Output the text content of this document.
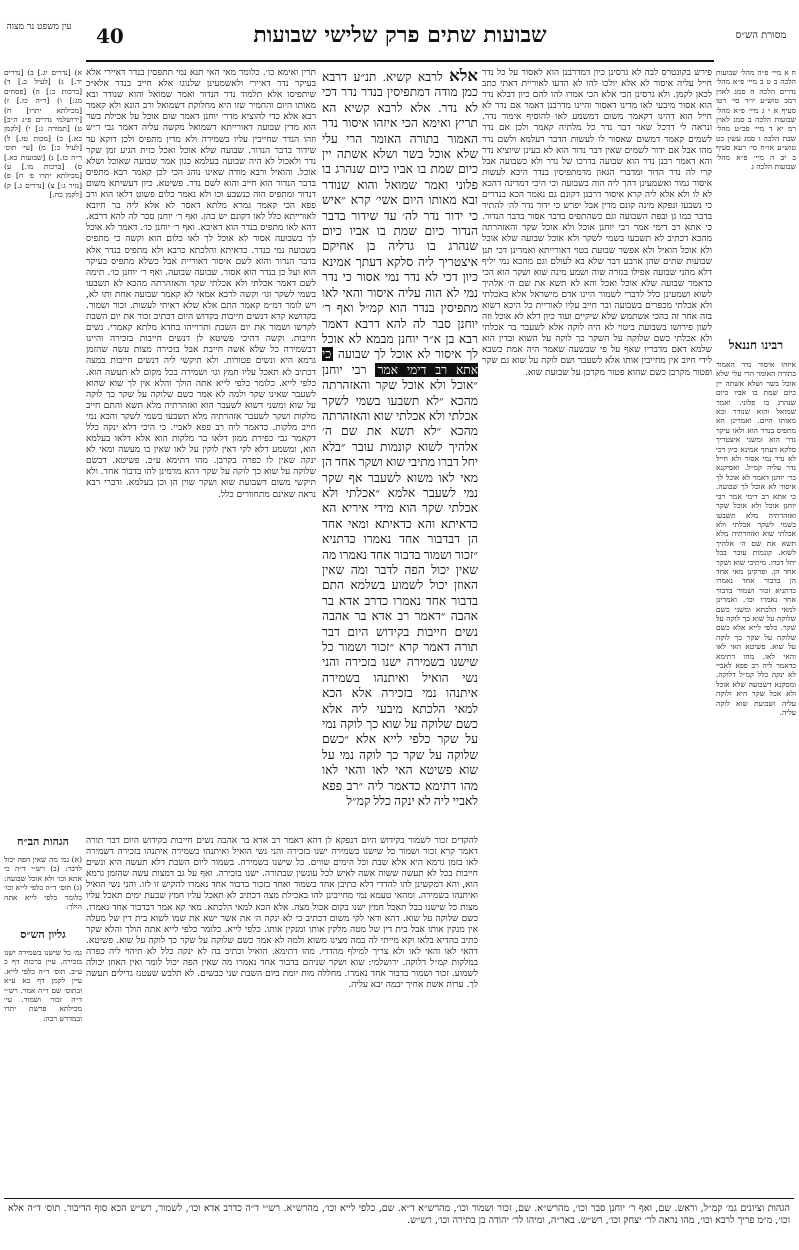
מסורת הש״ס
שבועות שתים פרק שלישי שבועות
40
עין משפט נר מצוה
ח א מיי׳ פ״ה מהל׳ שבועות הלכה ב ט ב מיי׳ פ״א מהל׳ נדרים הלכה ח סמג לאוין רמב טוש״ע יו״ד סי׳ רטו סעיף א י ג מיי׳ פ״א מהל׳ שבועות הלכה ב סמג לאוין רמ יא ד מיי׳ פכ״ט מהל׳ שבת הלכה ו סמג עשין כט טוש״ע או״ח סי׳ רעא סעיף ב יב ה מיי׳ פ״א מהל׳ שבועות הלכה ג
רבינו חננאל
איזהו איסור נדר האמור בתורה האומר הרי עלי שלא אוכל בשר ושלא אשתה יין כיום שמת בו אביו כיום שנהרג בו פלוני. ואמר שמואל והוא שנודר ובא מאותו היום. ואמרינן הא מתפיס בנדר הוא ולאו עיקר נדר הוא ומשני איצטריך סלקא דעתך אמינא כיון דכי לא נדר נמי אסור ולא חייל נדר עליה קמ״ל. ואסיקנא כר׳ יוחנן דאמר לא אוכל לך איסור לא אוכל לך שבועה. כי אתא רב דימי אמר רבי יוחנן אוכל ולא אוכל שקר ואזהרתיה מלא תשבעו בשמי לשקר אכלתי ולא אכלתי שוא ואזהרתיה מלא תשא את שם ה׳ אלהיך לשוא. קונמות עובר בבל יחל דברו. מיתיבי שוא ושקר אחד הן. ופרקינן מאי אחד הן בדבור אחד נאמרו כדתניא זכור ושמור בדבור אחד נאמרו וכו׳. ואמרינן למאי הלכתא ומשני כשם שלוקה על שוא כך לוקה על שקר. כלפי לייא אלא כשם שלוקה על שקר כך לוקה על שוא. פשיטא האי לאו והאי לאו. מהו דתימא כדאמר ליה רב פפא לאביי לא ינקה כלל קמ״ל דלוקה. ומסקנא דשבועה שלא אוכל ולא אכל שקר היא ולוקה עליה ושבועת שוא לוקה עליה.
פירש בקונטרס לבה לא גרסינן כיון דמדרבנן הוא לאסור על כל נדר חייל עליה איסור לא אלא יולכו להו לא הדעו לאוריית דאתי כתב לכאן לקמן. ולא גרסינן הכי אלא הכי אמרו להו להם כיון דבלא נדר הוא אסור מיבעי לאו מדינו דאסור והיינו מדרבנן דאמר אם נדר לא חייל הוא דהינו דקאמר משום דמשמע לאו להוסיף אימור נדר. ונראה לי דדכל שאר דבר נדר כל מלתיה קאמר ולכן אם נדר לשמים קאמר דמשום שאסור לו לעשות הדבר דעלמא ולשם נדר מהו אבל אם ידור לשמים שאין דבר נדור הוא לא בעינן שיוציא נדר והא דאמר רבנן נדר הוא שבועה בדרכו של נדר ולא כשבועה אבל קרי לה נדר הדור ומדברי הגאון מדמתפיסין בנדר היכא לעשות איסור גמור ואשמעינן דהך ליה הוה בשבועה וכי היכי דמדינה דהכא לא לו ולא אלא ליה קרא איסור דרבנן דקונם גם נאמר הכא בנדרים כי נשבעו ונפקא מינה קונם מדין אבל יפרש כי ידור נדר לה׳ להתיר בדבר כמו גן ובפת השבועה וגם כשהתפיס בדבר אסור בדבר הנדור. כי אתא רב דימי אמר רבי יוחנן אוכל ולא אוכל שקר והאזהרתה מהכא דכתיב לא תשבעו בשמי לשקר ולא אוכל שבועה שלא אוכל ולא אוכל הואיל ולא אפשר שבועת בטוי דאורייתא ואמרינן דכי תנן שבועות שתים שהן ארבע דבר שלא בא לעולם וגם מהכא נמי יליף דלא מהני שבועה אפילו בגזרה שוה ושמע מינה שוא ושקר הוא הכי כדאמר שבועה שלא אוכל ואכל והא לא תשא את שם ה׳ אלהיך לשוא ושמעינן כלל לדברי לשמור היינו אדם מישראל אלא באכלתי ולא אכלתי מכפרים בשבועה ובר חייב עליו לאוריית כל היכא דשוא בזה אחר זה בהכי אשתמש שלא שיקיים ועוד כיון דלא לא אוכל וזה לשון פירושו בשבועת ביטוי לא היה לוקה אלא לשעבר בר אכלתי ולא אכלתי כשם שלוקה על השקר כך לוקה על השוא ובדין הוא שלמא דאם מדבריו שאף על פי שבשעה שאמר היה אמת כשבא לידי חיוב אין מחייבין אותו אלא לשעבר ושם לוקה על שוא גם שקר ופטור מקרבן כשם שהוא פטור מקרבן על שבועת שוא.
אלא לרבא קשיא. תנ״ע דרבא כמן מודה דמתפיסין בנדר נדר דכי לא נדר. אלא לרבא קשיא הא תריץ ואימא הכי איזהו איסור נדר האמור בתורה האומר הרי עלי שלא אוכל בשר ושלא אשתה יין כיום שמת בו אביו כיום שנהרג בו פלוני ואמר שמואל והוא שנודר ובא מאותו היום אשי׳ קרא ״איש כי ידור נדר לה׳ עד שידור בדבר הנדור כיום שמת בו אביו כיום שנהרג בו גדליה בן אחיקם איצטריך ליה סלקא דעתך אמינא כיון דכי לא נדר נמי אסור כי נדר נמי לא הוה עליה איסור והאי לאו מתפיסין בנדר הוא קמ״ל ואף ר׳ יוחנן סבר לה להא דרבא דאמר רבא בן א״ר יוחנן מבמא לא אוכל לך איסור לא אוכל לך שבועה כי אתא רב דימי אמר רבי יוחנן ״אוכל ולא אוכל שקר והאזהרתה מהכא ״לא תשבעו בשמי לשקר אכלתי ולא אכלתי שוא והאזהרתה מהכא ״לא תשא את שם ה׳ אלהיך לשוא קונמות עובר ״בלא יחל דברו מתיבי שוא ושקר אחד הן מאי לאו משוא לשעבר אף שקר נמי לשעבר אלמא ״אכלתי ולא אכלתי שקר הוא מידי איריא הא כדאיתא והא כדאיתא ומאי אחד הן דבדבור אחד נאמרו כדתניא ״זכור ושמור בדבור אחד נאמרו מה שאין יכול הפה לדבר ומה שאין האוזן יכול לשמוע בשלמא התם בדבור אחד נאמרו כדרב אדא בר אהבה ״דאמר רב אדא בר אהבה נשים חייבות בקידוש היום דבר תורה דאמר קרא ״זכור ושמור כל שישנו בשמירה ישנו בזכירה והני נשי הואיל ואיתנהו בשמירה איתנהו נמי בזכירה אלא הכא למאי הלכתא מיבעי ליה אלא כשם שלוקה על שוא כך לוקה נמי על שקר כלפי לייא אלא ״כשם שלוקה על שקר כך לוקה נמי על שוא פשיטא האי לאו והאי לאו מהו דתימא כדאמר ליה ״רב פפא לאביי ליה לא ינקה כלל קמ״ל
תרין ואימא כו׳. כלומר מאי האי תנא נמי תתפסין בנדר דאיירי אלא בעיקר נדר דאיירי ולאשמעינן שלנוגו אלא חייב בנדר אלא״כ שיתפיסו אלא תלמוד נדר הנדור ואמר שמואל והוא שנודר ובא מאותו היום והחמיר שזו היא מחלוקת דשמואל ורב הונא ולא קאמר רבא אלא כדי להוציא מדר׳ יוחנן דאמר שום אוכל על אכילת בשר הוא מדין שבועה דאורייתא דשמואל מקשה עליה דאמר גבי ר״ש וזהו הנדר שחייבין עליו בשמירה ולא מדין מתפיס ולכן דוקא עד שידור בדבר הנדור. שבועה שלא אוכל ואכל כזית הגיע זמן שקר נדר ולאכול לא היה שבועה בעלמא כגון אמר שבועה שאוכל ושלא אוכל. והואיל ורבא מודה שאינו נוהג הכי לכן קאמר רבא מתפיס בדבר הנדור הוא חייב והוא לשם נדר. פשיטא. כיון דעשיתא משום דנדור ומתפיס הוה כנשבע וכו ולא נאמר כלום פשוט דלאו הוא ורב פפא הכי קאמר גמרא מלתא דאסר לא אלא ליה בר חיובא לאורייתא כלל לאו דקונם יש בהן. ואף ר׳ יוחנן סבר לה להא דרבא. דהא לאו מתפיס בנדר הוא דאיכא. ואף ר׳ יוחנן כו׳. דאמר לא אוכל לך בשבועה אסור לא אוכל לך לאו כלום הוא וקשה כי מתפיס בשבועה נמי בנדר. כדאיתא והלכתא כרבא ולא מתפיס בנדר אלא בדבר הנדור והוא לשם איסור דאוריית אבל כשלא מתפיס בעיקר הוא ועל כן בנדר הוא אסור. שבועה שבועה. ואף ר׳ יוחנן כו׳. תימה לשם דאמר אכלתי ולא אכלתי שקר והאזהרתה מהכא לא תשבעו בשמי לשקר וגו׳ וקשה לרבא אמאי לא קאמר שבועה אחת ותו לא, ויש לומר דמ״מ קאמר התם אלא שלא ראיתי לעשות. זכור ושמור. בקדושא קרא דנשים חייבות בקדוש היום דכתיב זכור את יום השבת לקדשו ושמור את יום השבת ותרוייהו בחדא מלתא קאמרי. נשים חייבות. וקשה דהיכי פשיטא לן דנשים חייבות בזכירה והיינו דבשמירה כל שלא אשה חייבת אבל בזכירה מצות עשה שהזמן גרמא היא ונשים פטורות. ולא תיקשי ליה דנשים חייבות במצה דכתיב לא תאכל עליו חמץ וגו׳ ושמירה בכל מקום לא תעשה הוא. כלפי לייא. כלומר כלפי לייא אתה הולך והלא אין לך שוא שהוא לשעבר שאינו שקר ולמה לא אמר כשם שלוקה על שקר כך לוקה על שוא ומשני דשוא לשעבר הוא ואזהרתיה מלא תשא והתם חייב מלקות ושקר לשעבר אזהרתיה מלא תשבעו בשמי לשקר והכא נמי חייב מלקות. כדאמר ליה רב פפא לאביי. כי היכי דלא ינקה כלל דקאמר גבי כפירת ממון דלאו בר מלקות הוא אלא דלאו בעלמא הוא, ומשמע דלא לקי דאין לוקין על לאו שאין בו מעשה ומאי לא ינקה שאין לו כפרה בקרבן. מהו דתימא ע״כ. פשיטא. דכשם שלוקה על שוא כך לוקה על שקר דהא מדמינן להו בדבור אחד. ולא תיקשי משום דשבועת שוא ושקר שוין הן וכן בעלמא. ודברי רבא נראה שאינם מתחוורים כלל.
להקדים זכור לשמור בקידוש היום דנפקא לן דהא דאמר רב אדא בר אהבה נשים חייבות בקידוש היום דבר תורה דאמר קרא זכור ושמור כל שישנו בשמירה ישנו בזכירה והני נשי הואיל ואיתנהו בשמירה איתנהו בזכירה דשמירה לאו בזמן גרמא היא אלא שבת וכל הימים שווים. כל שישנו בשמירה. בשמור ליום השבת דלא תעשה היא ונשים חייבות בכל לא תעשה ששוה אשה לאיש לכל עונשין שבתורה. ישנו בזכירה. ואף על גב דמצות עשה שהזמן גרמא הוא, והא דמקשינן להו להדדי דלא כתיבן אחד בשמור ואחד בזכור בדבור אחד נאמרו להקיש זו לזו. והני נשי הואיל ואיתנהו בשמירה. ומהאי טעמא נמי מחייבינן להו באכילת מצה דכתיב לא תאכל עליו חמץ שבעת ימים תאכל עליו מצות כל שישנו בבל תאכל חמץ ישנו בקום אכול מצה. אלא הכא למאי הלכתא. מאי קא אמר דבדבור אחד נאמרו. כשם שלוקה על שוא. דהא ודאי לקי משום דכתיב כי לא ינקה ה׳ את אשר ישא את שמו לשוא בית דין של מעלה אין מנקין אותו אבל בית דין של מטה מלקין אותו ומנקין אותו. כלפי לייא. כלומר כלפי לייא אתה הולך והלא שקר כתיב בהדיא בלאו וקא מייתי לה במה מצינו משוא ולמה לא אמר כשם שלוקה על שקר כך לוקה על שוא. פשיטא. דהאי לאו והאי לאו ולא צריך למילף מהדדי. מהו דתימא. הואיל וכתיב בה לא ינקה כלל לא תיהוי ליה כפרה במלקות קמ״ל דלוקה. ירושלמי: שוא ושקר שניהם בדבור אחד נאמרו מה שאין הפה יכול לומר ואין האוזן יכולה לשמוע. זכור ושמור בדבור אחד נאמרו. מחללה מות יומת ביום השבת שני כבשים. לא תלבש שעטנז גדילים תעשה לך. ערות אשת אחיך יבמה יבא עליה.
א) [נדרים יג.] ב) [נדרים יד.] ג) [לעיל כ.] ד) [ברכות כ:] ה) [פסחים מג:] ו) [ר״ה כז.] ז) [מכילתא יתרו] ח) [ירושלמי נדרים פ״ג ה״ב] ט) [תמורה ג:] י) [לקמן כא.] כ) [מכות טז.] ל) [לעיל כ:] מ) [עי׳ תוס׳ ר״ה כז.] נ) [שבועות כא.] ס) [ברכות מו.] ע) [מכילתא יתרו פ׳ ח] פ) [נזיר ג:] צ) [נדרים ג.] ק) [לקמן כח.]
הגהות הב״ח
(א) גמ׳ מה שאין הפה יכול לדבר: (ב) רש״י ד״ה כי אתא וכו׳ ולא אוכל שבועה: (ג) תוס׳ ד״ה כלפי לייא וכו׳ כלומר כלפי לייא אתה הולך:
גליון הש״ס
גמ׳ כל שישנו בשמירה ישנו בזכירה. עיין ברכות דף כ ע״ב. תוס׳ ד״ה כלפי לייא. עיין לקמן דף כא ע״א ובתוס׳ שם ד״ה אמר. רש״י ד״ה זכור ושמור. עי׳ מכילתא פרשת יתרו ובמדרש רבה:
הגהות וציונים גמ׳ קמ״ל, וראש. שם, ואף ר׳ יוחנן סבר וכו׳, מהרש״א. שם, זכור ושמור וכו׳, מהרש״א ד״א. שם, כלפי לייא וכו׳, מהרש״א. רש״י ד״ה כדרב אדא וכו׳, לשמור, רש״ש הכא סוף הדיבור. תוס׳ ד״ה אלא וכו׳, מ״מ פריך לרבא וכו׳, מהו נראה לר׳ יצחק וכו׳, רש״ש. באר״ה, ומיהו לר׳ יהודה בן בתירה וכו׳, רש״ש.
